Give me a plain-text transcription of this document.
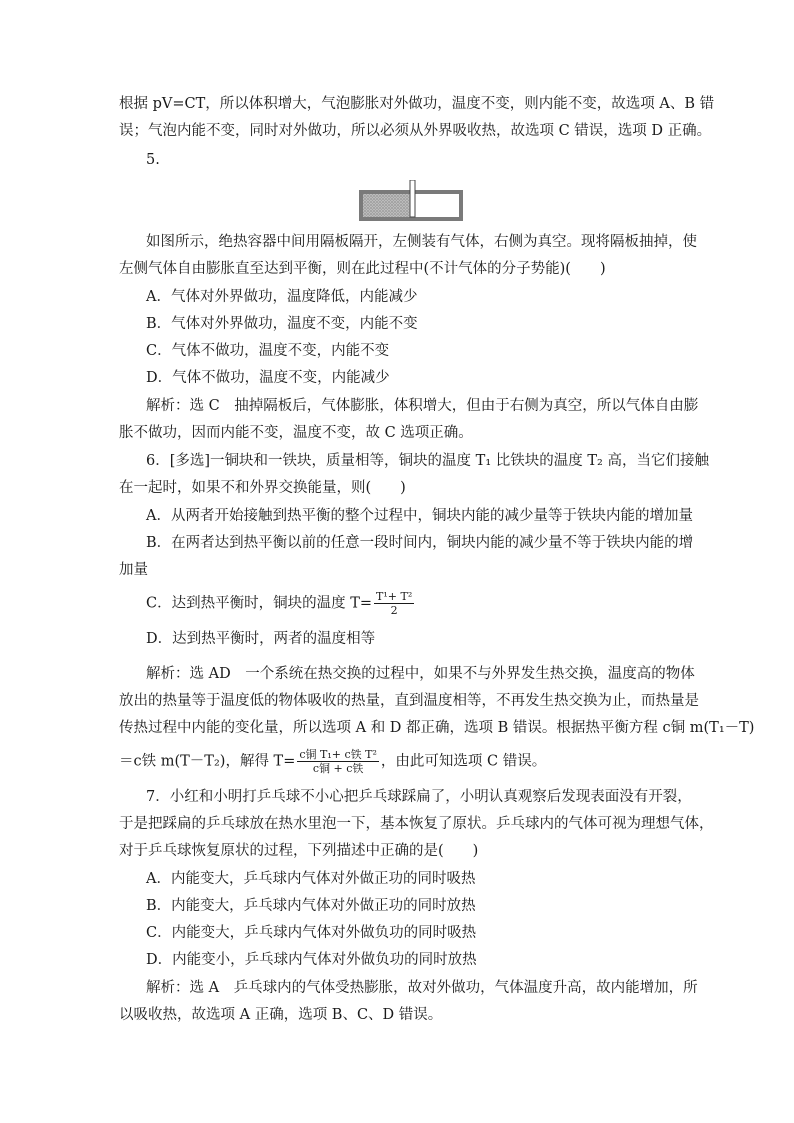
根据 pV=CT，所以体积增大，气泡膨胀对外做功，温度不变，则内能不变，故选项 A、B 错
误；气泡内能不变，同时对外做功，所以必须从外界吸收热，故选项 C 错误，选项 D 正确。
5.
如图所示，绝热容器中间用隔板隔开，左侧装有气体，右侧为真空。现将隔板抽掉，使
左侧气体自由膨胀直至达到平衡，则在此过程中(不计气体的分子势能)(　　)
A．气体对外界做功，温度降低，内能减少
B．气体对外界做功，温度不变，内能不变
C．气体不做功，温度不变，内能不变
D．气体不做功，温度不变，内能减少
解析：选 C　抽掉隔板后，气体膨胀，体积增大，但由于右侧为真空，所以气体自由膨
胀不做功，因而内能不变，温度不变，故 C 选项正确。
6．[多选]一铜块和一铁块，质量相等，铜块的温度 T₁ 比铁块的温度 T₂ 高，当它们接触
在一起时，如果不和外界交换能量，则(　　)
A．从两者开始接触到热平衡的整个过程中，铜块内能的减少量等于铁块内能的增加量
B．在两者达到热平衡以前的任意一段时间内，铜块内能的减少量不等于铁块内能的增
加量
C．达到热平衡时，铜块的温度 $T= \frac{\text{T¹+ T²}}{2}$
D．达到热平衡时，两者的温度相等
解析：选 AD　一个系统在热交换的过程中，如果不与外界发生热交换，温度高的物体
放出的热量等于温度低的物体吸收的热量，直到温度相等，不再发生热交换为止，而热量是
传热过程中内能的变化量，所以选项 A 和 D 都正确，选项 B 错误。根据热平衡方程 c铜 m(T₁－T)
＝c铁 m(T－T₂)，解得 $T= \frac{\text{c铜 T₁+ c铁 T²}}{\text{c铜 + c铁}}$ ，由此可知选项 C 错误。
7．小红和小明打乒乓球不小心把乒乓球踩扁了，小明认真观察后发现表面没有开裂，
于是把踩扁的乒乓球放在热水里泡一下，基本恢复了原状。乒乓球内的气体可视为理想气体，
对于乒乓球恢复原状的过程，下列描述中正确的是(　　)
A．内能变大，乒乓球内气体对外做正功的同时吸热
B．内能变大，乒乓球内气体对外做正功的同时放热
C．内能变大，乒乓球内气体对外做负功的同时吸热
D．内能变小，乒乓球内气体对外做负功的同时放热
解析：选 A　乒乓球内的气体受热膨胀，故对外做功，气体温度升高，故内能增加，所
以吸收热，故选项 A 正确，选项 B、C、D 错误。
